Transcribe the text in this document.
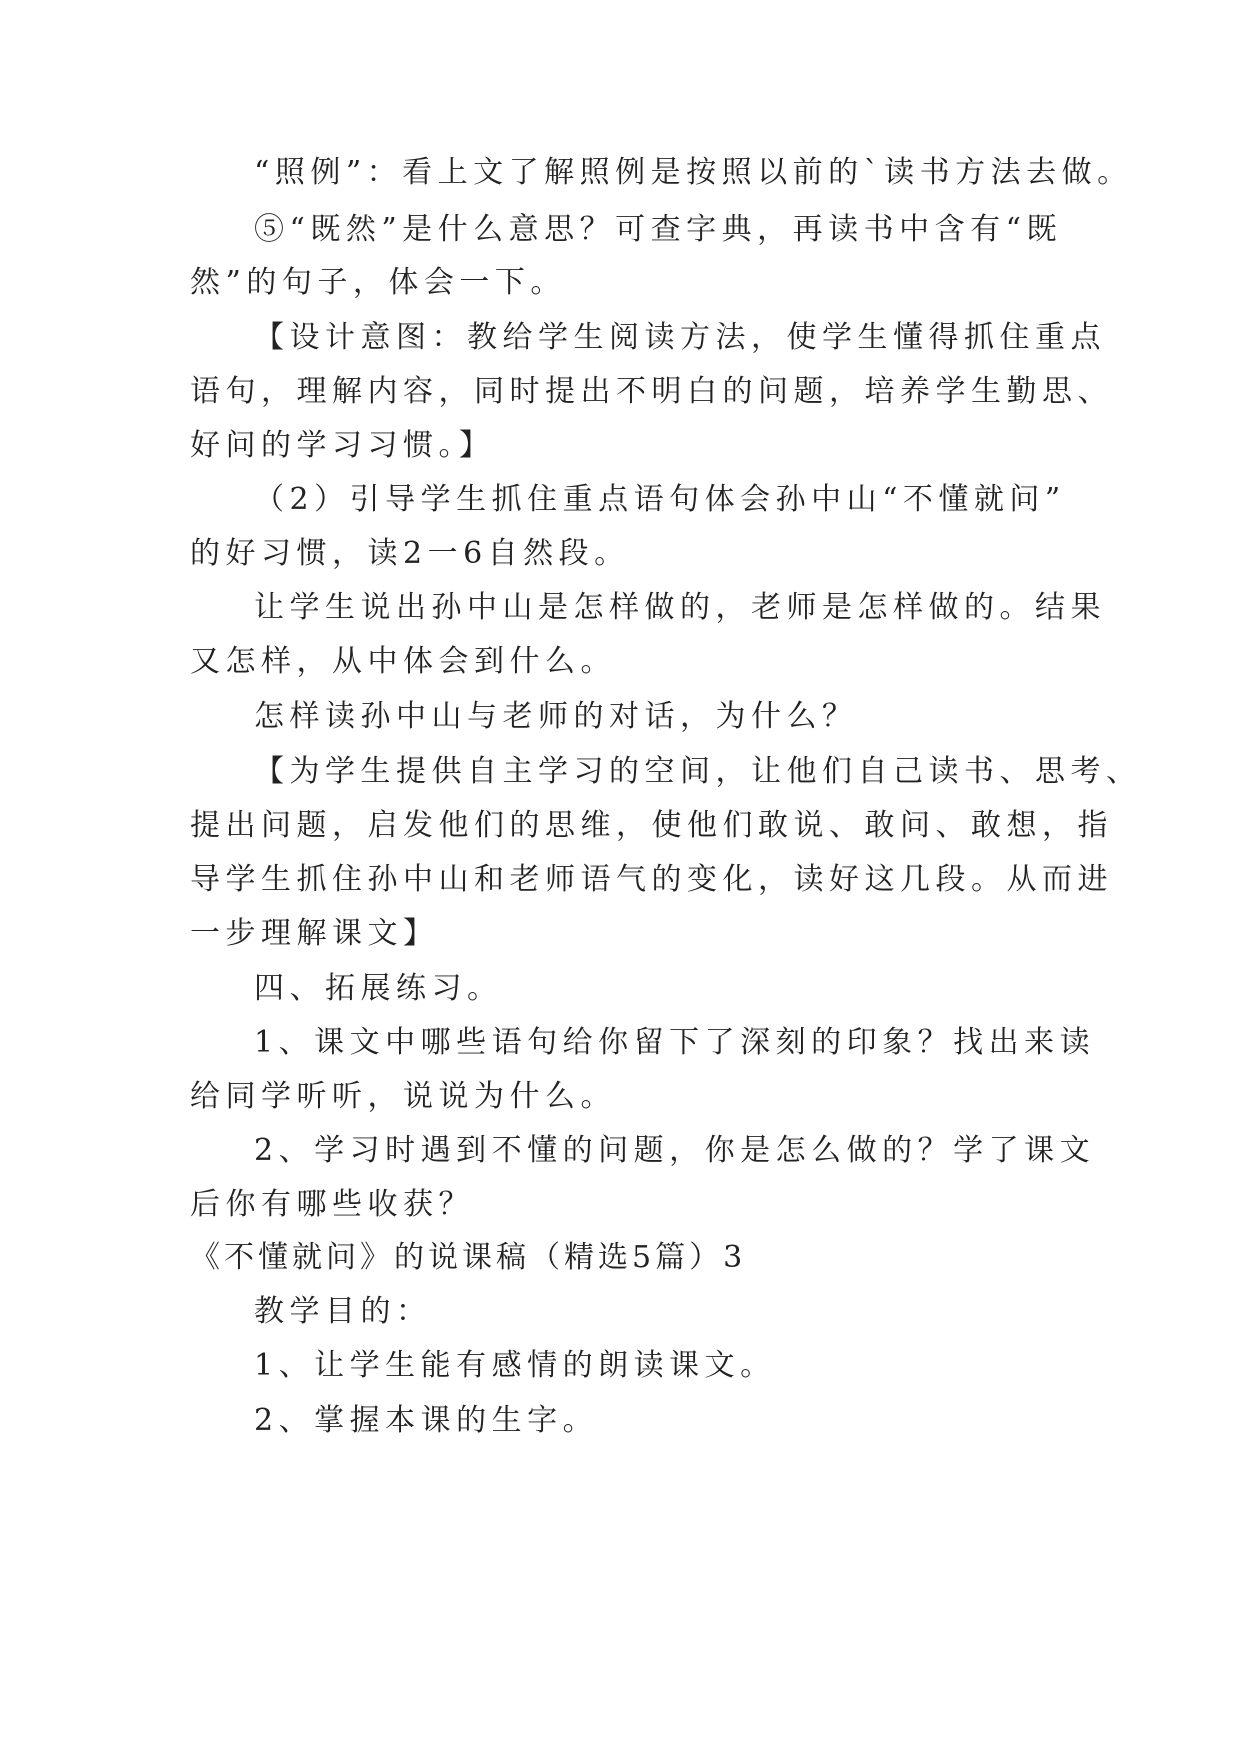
“照例”：看上文了解照例是按照以前的`读书方法去做。
⑤“既然”是什么意思？可查字典，再读书中含有“既
然”的句子，体会一下。
【设计意图：教给学生阅读方法，使学生懂得抓住重点
语句，理解内容，同时提出不明白的问题，培养学生勤思、
好问的学习习惯。】
（2）引导学生抓住重点语句体会孙中山“不懂就问”
的好习惯，读2一6自然段。
让学生说出孙中山是怎样做的，老师是怎样做的。结果
又怎样，从中体会到什么。
怎样读孙中山与老师的对话，为什么？
【为学生提供自主学习的空间，让他们自己读书、思考、
提出问题，启发他们的思维，使他们敢说、敢问、敢想，指
导学生抓住孙中山和老师语气的变化，读好这几段。从而进
一步理解课文】
四、拓展练习。
1、课文中哪些语句给你留下了深刻的印象？找出来读
给同学听听，说说为什么。
2、学习时遇到不懂的问题，你是怎么做的？学了课文
后你有哪些收获？
《不懂就问》的说课稿（精选5篇）3
教学目的：
1、让学生能有感情的朗读课文。
2、掌握本课的生字。
